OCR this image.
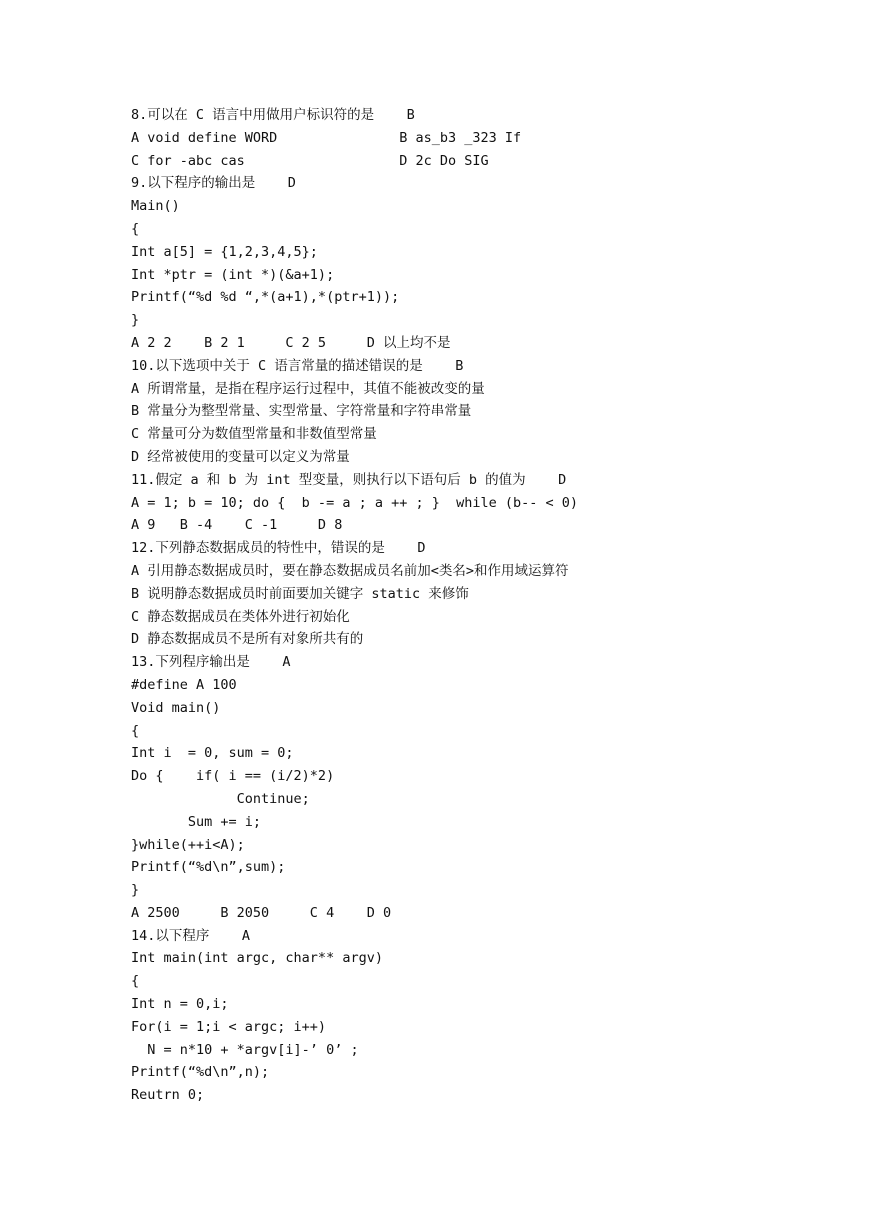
8.可以在 C 语言中用做用户标识符的是    B
A void define WORD               B as_b3 _323 If
C for -abc cas                   D 2c Do SIG
9.以下程序的输出是    D
Main()
{
Int a[5] = {1,2,3,4,5};
Int *ptr = (int *)(&a+1);
Printf(“%d %d “,*(a+1),*(ptr+1));
}
A 2 2    B 2 1     C 2 5     D 以上均不是
10.以下选项中关于 C 语言常量的描述错误的是    B
A 所谓常量，是指在程序运行过程中，其值不能被改变的量
B 常量分为整型常量、实型常量、字符常量和字符串常量
C 常量可分为数值型常量和非数值型常量
D 经常被使用的变量可以定义为常量
11.假定 a 和 b 为 int 型变量，则执行以下语句后 b 的值为    D
A = 1; b = 10; do {  b -= a ; a ++ ; }  while (b-- < 0)
A 9   B -4    C -1     D 8
12.下列静态数据成员的特性中，错误的是    D
A 引用静态数据成员时，要在静态数据成员名前加<类名>和作用域运算符
B 说明静态数据成员时前面要加关键字 static 来修饰
C 静态数据成员在类体外进行初始化
D 静态数据成员不是所有对象所共有的
13.下列程序输出是    A
#define A 100
Void main()
{
Int i  = 0, sum = 0;
Do {    if( i == (i/2)*2)
Continue;
Sum += i;
}while(++i<A);
Printf(“%d\n”,sum);
}
A 2500     B 2050     C 4    D 0
14.以下程序    A
Int main(int argc, char** argv)
{
Int n = 0,i;
For(i = 1;i < argc; i++)
N = n*10 + *argv[i]-’ 0’ ;
Printf(“%d\n”,n);
Reutrn 0;
